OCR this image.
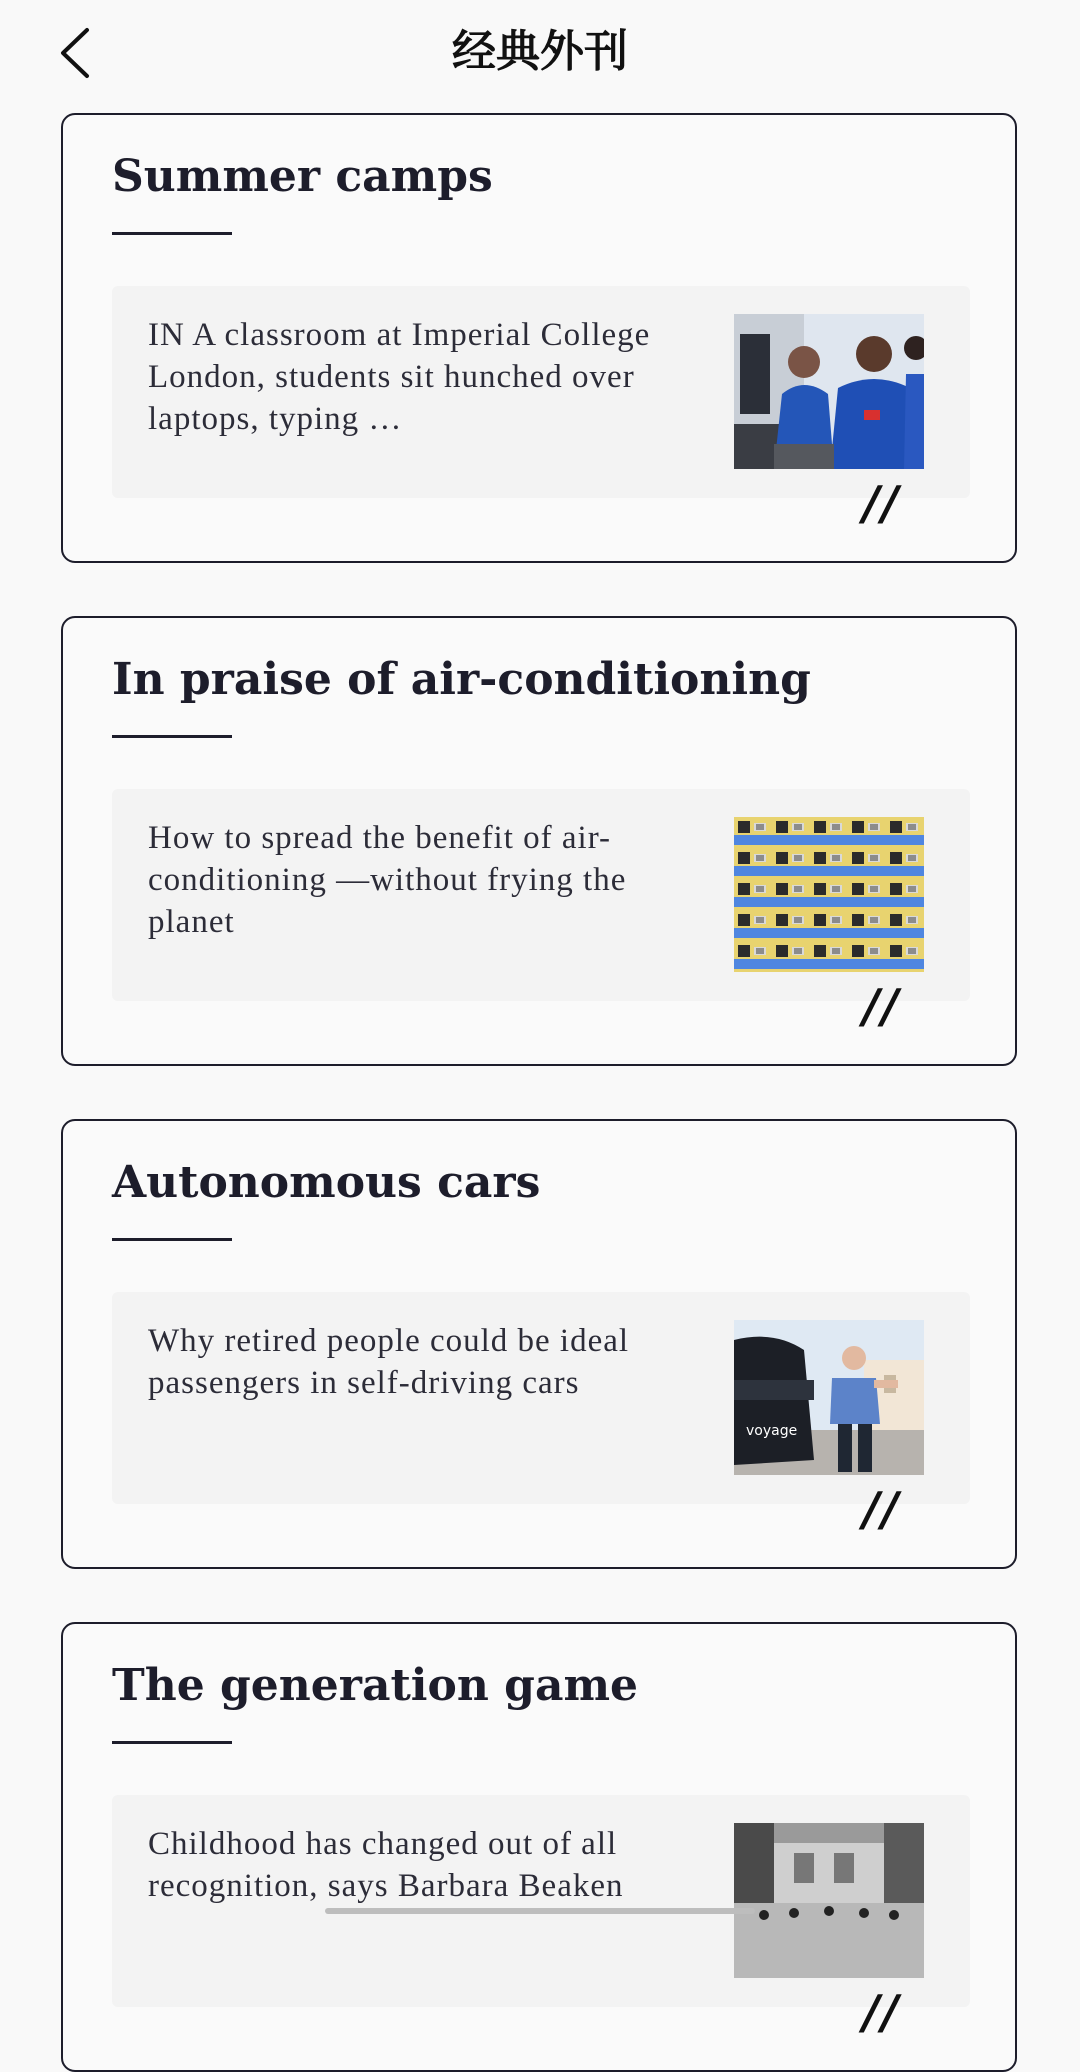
经典外刊
Summer camps
IN A classroom at Imperial College London, students sit hunched over laptops, typing …
//
In praise of air-conditioning
How to spread the benefit of air-conditioning —without frying the planet
//
Autonomous cars
Why retired people could be ideal passengers in self-driving cars
voyage
//
The generation game
Childhood has changed out of all recognition, says Barbara Beaken
//
